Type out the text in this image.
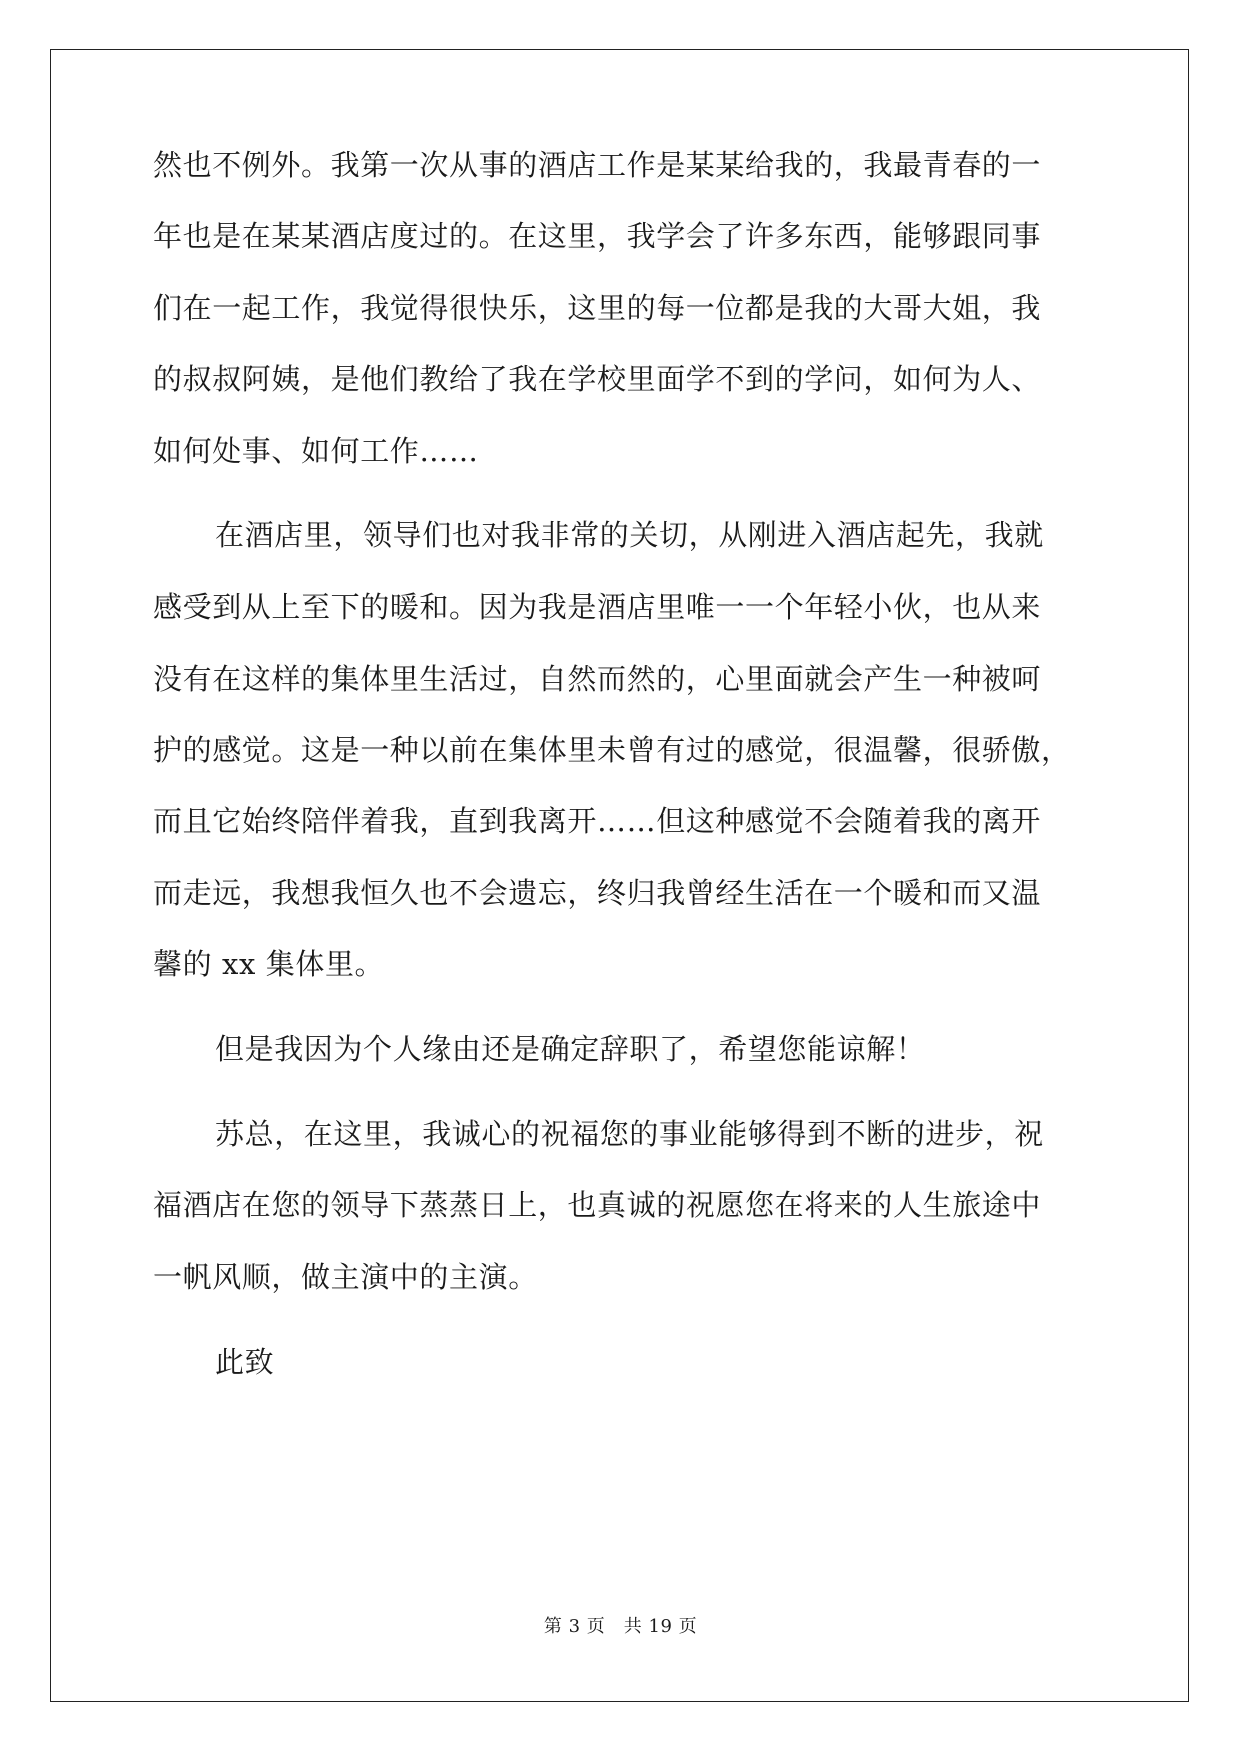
然也不例外。我第一次从事的酒店工作是某某给我的，我最青春的一

年也是在某某酒店度过的。在这里，我学会了许多东西，能够跟同事

们在一起工作，我觉得很快乐，这里的每一位都是我的大哥大姐，我

的叔叔阿姨，是他们教给了我在学校里面学不到的学问，如何为人、

如何处事、如何工作……

在酒店里，领导们也对我非常的关切，从刚进入酒店起先，我就

感受到从上至下的暖和。因为我是酒店里唯一一个年轻小伙，也从来

没有在这样的集体里生活过，自然而然的，心里面就会产生一种被呵

护的感觉。这是一种以前在集体里未曾有过的感觉，很温馨，很骄傲，

而且它始终陪伴着我，直到我离开……但这种感觉不会随着我的离开

而走远，我想我恒久也不会遗忘，终归我曾经生活在一个暖和而又温

馨的 xx 集体里。

但是我因为个人缘由还是确定辞职了，希望您能谅解！

苏总，在这里，我诚心的祝福您的事业能够得到不断的进步，祝

福酒店在您的领导下蒸蒸日上，也真诚的祝愿您在将来的人生旅途中

一帆风顺，做主演中的主演。

此致

第 3 页　共 19 页
